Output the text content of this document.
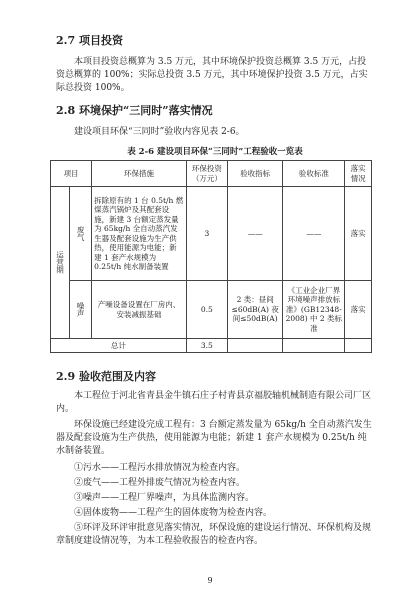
2.7 项目投资

本项目投资总概算为 3.5 万元，其中环境保护投资总概算 3.5 万元，占投资总概算的 100%；实际总投资 3.5 万元，其中环境保护投资 3.5 万元，占实际总投资 100%。

2.8 环境保护“三同时”落实情况

建设项目环保“三同时”验收内容见表 2-6。

表 2-6 建设项目环保“三同时”工程验收一览表
项目		环保措施	环保投资（万元）	验收指标	验收标准	落实情况
运营期	废气	拆除原有的 1 台 0.5t/h 燃煤蒸汽锅炉及其配套设施，新建 3 台额定蒸发量为 65kg/h 全自动蒸汽发生器及配套设施为生产供热，使用能源为电能；新建 1 套产水规模为 0.25t/h 纯水制备装置	3	——	——	落实
	噪声	产噪设备设置在厂房内、安装减振基础	0.5	2 类：昼间≤60dB(A) 夜间≤50dB(A)	《工业企业厂界环境噪声排放标准》(GB12348-2008) 中 2 类标准	落实
总计			3.5			
2.9 验收范围及内容

本工程位于河北省青县金牛镇石庄子村青县京福胶轴机械制造有限公司厂区内。

环保设施已经建设完成工程有：3 台额定蒸发量为 65kg/h 全自动蒸汽发生器及配套设施为生产供热，使用能源为电能；新建 1 套产水规模为 0.25t/h 纯水制备装置。

①污水——工程污水排放情况为检查内容。

②废气——工程外排废气情况为检查内容。

③噪声——工程厂界噪声，为具体监测内容。

④固体废物——工程产生的固体废物为检查内容。

⑤环评及环评审批意见落实情况，环保设施的建设运行情况、环保机构及规章制度建设情况等，为本工程验收报告的检查内容。

9
